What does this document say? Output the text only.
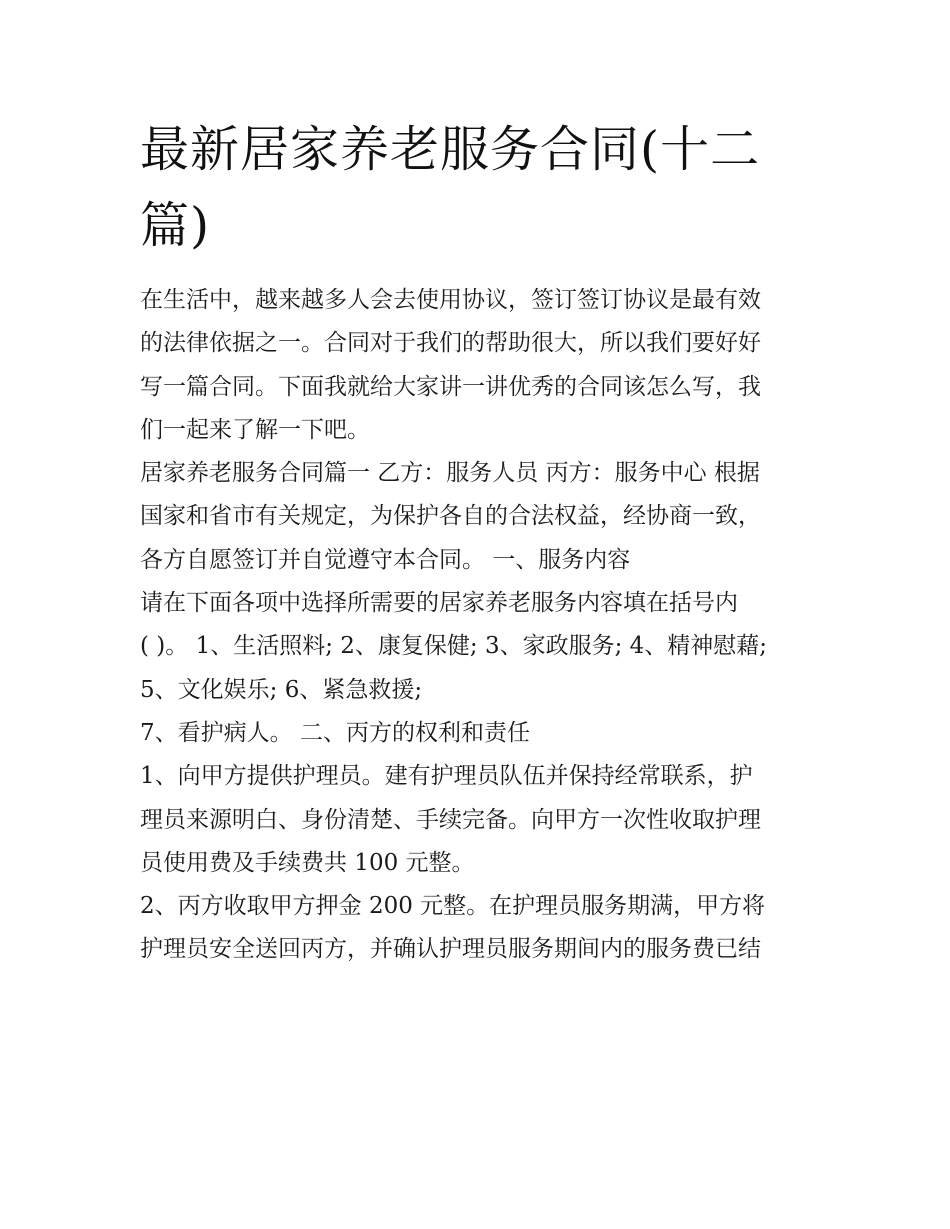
最新居家养老服务合同(十二
篇)

在生活中，越来越多人会去使用协议，签订签订协议是最有效
的法律依据之一。合同对于我们的帮助很大，所以我们要好好
写一篇合同。下面我就给大家讲一讲优秀的合同该怎么写，我
们一起来了解一下吧。

居家养老服务合同篇一 乙方：服务人员 丙方：服务中心 根据
国家和省市有关规定，为保护各自的合法权益，经协商一致，
各方自愿签订并自觉遵守本合同。 一、服务内容

请在下面各项中选择所需要的居家养老服务内容填在括号内
( )。 1、生活照料; 2、康复保健; 3、家政服务; 4、精神慰藉;
5、文化娱乐; 6、紧急救援;

7、看护病人。 二、丙方的权利和责任

1、向甲方提供护理员。建有护理员队伍并保持经常联系，护
理员来源明白、身份清楚、手续完备。向甲方一次性收取护理
员使用费及手续费共 100 元整。

2、丙方收取甲方押金 200 元整。在护理员服务期满，甲方将
护理员安全送回丙方，并确认护理员服务期间内的服务费已结
